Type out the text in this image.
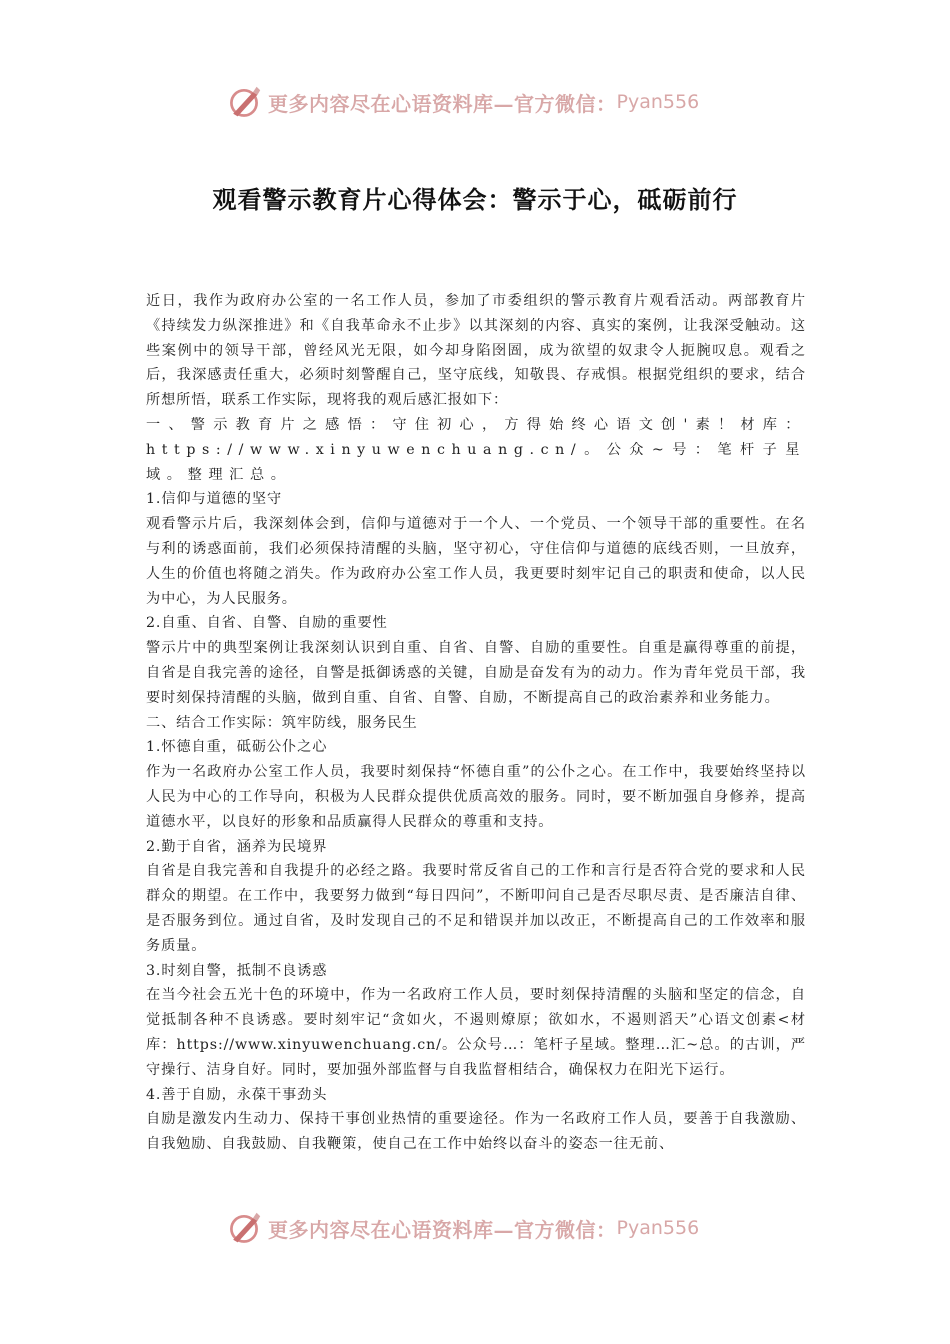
更多内容尽在心语资料库—官方微信： Pyan556
观看警示教育片心得体会：警示于心，砥砺前行

近日，我作为政府办公室的一名工作人员，参加了市委组织的警示教育片观看活动。两部教育片《持续发力纵深推进》和《自我革命永不止步》以其深刻的内容、真实的案例，让我深受触动。这些案例中的领导干部，曾经风光无限，如今却身陷囹圄，成为欲望的奴隶令人扼腕叹息。观看之后，我深感责任重大，必须时刻警醒自己，坚守底线，知敬畏、存戒惧。根据党组织的要求，结合所想所悟，联系工作实际，现将我的观后感汇报如下：

一、警示教育片之感悟：守住初心，方得始终心语文创'素！材库：https://www.xinyuwenchuang.cn/。公众~号：笔杆子星域。整理汇总。

1.信仰与道德的坚守

观看警示片后，我深刻体会到，信仰与道德对于一个人、一个党员、一个领导干部的重要性。在名与利的诱惑面前，我们必须保持清醒的头脑，坚守初心，守住信仰与道德的底线否则，一旦放弃，人生的价值也将随之消失。作为政府办公室工作人员，我更要时刻牢记自己的职责和使命，以人民为中心，为人民服务。

2.自重、自省、自警、自励的重要性

警示片中的典型案例让我深刻认识到自重、自省、自警、自励的重要性。自重是赢得尊重的前提，自省是自我完善的途径，自警是抵御诱惑的关键，自励是奋发有为的动力。作为青年党员干部，我要时刻保持清醒的头脑，做到自重、自省、自警、自励，不断提高自己的政治素养和业务能力。

二、结合工作实际：筑牢防线，服务民生

1.怀德自重，砥砺公仆之心

作为一名政府办公室工作人员，我要时刻保持“怀德自重”的公仆之心。在工作中，我要始终坚持以人民为中心的工作导向，积极为人民群众提供优质高效的服务。同时，要不断加强自身修养，提高道德水平，以良好的形象和品质赢得人民群众的尊重和支持。

2.勤于自省，涵养为民境界

自省是自我完善和自我提升的必经之路。我要时常反省自己的工作和言行是否符合党的要求和人民群众的期望。在工作中，我要努力做到“每日四问”，不断叩问自己是否尽职尽责、是否廉洁自律、是否服务到位。通过自省，及时发现自己的不足和错误并加以改正，不断提高自己的工作效率和服务质量。

3.时刻自警，抵制不良诱惑

在当今社会五光十色的环境中，作为一名政府工作人员，要时刻保持清醒的头脑和坚定的信念，自觉抵制各种不良诱惑。要时刻牢记“贪如火，不遏则燎原；欲如水，不遏则滔天”心语文创素<材库：https://www.xinyuwenchuang.cn/。公众号…：笔杆子星域。整理…汇~总。的古训，严守操行、洁身自好。同时，要加强外部监督与自我监督相结合，确保权力在阳光下运行。

4.善于自励，永葆干事劲头

自励是激发内生动力、保持干事创业热情的重要途径。作为一名政府工作人员，要善于自我激励、自我勉励、自我鼓励、自我鞭策，使自己在工作中始终以奋斗的姿态一往无前、

更多内容尽在心语资料库—官方微信： Pyan556
